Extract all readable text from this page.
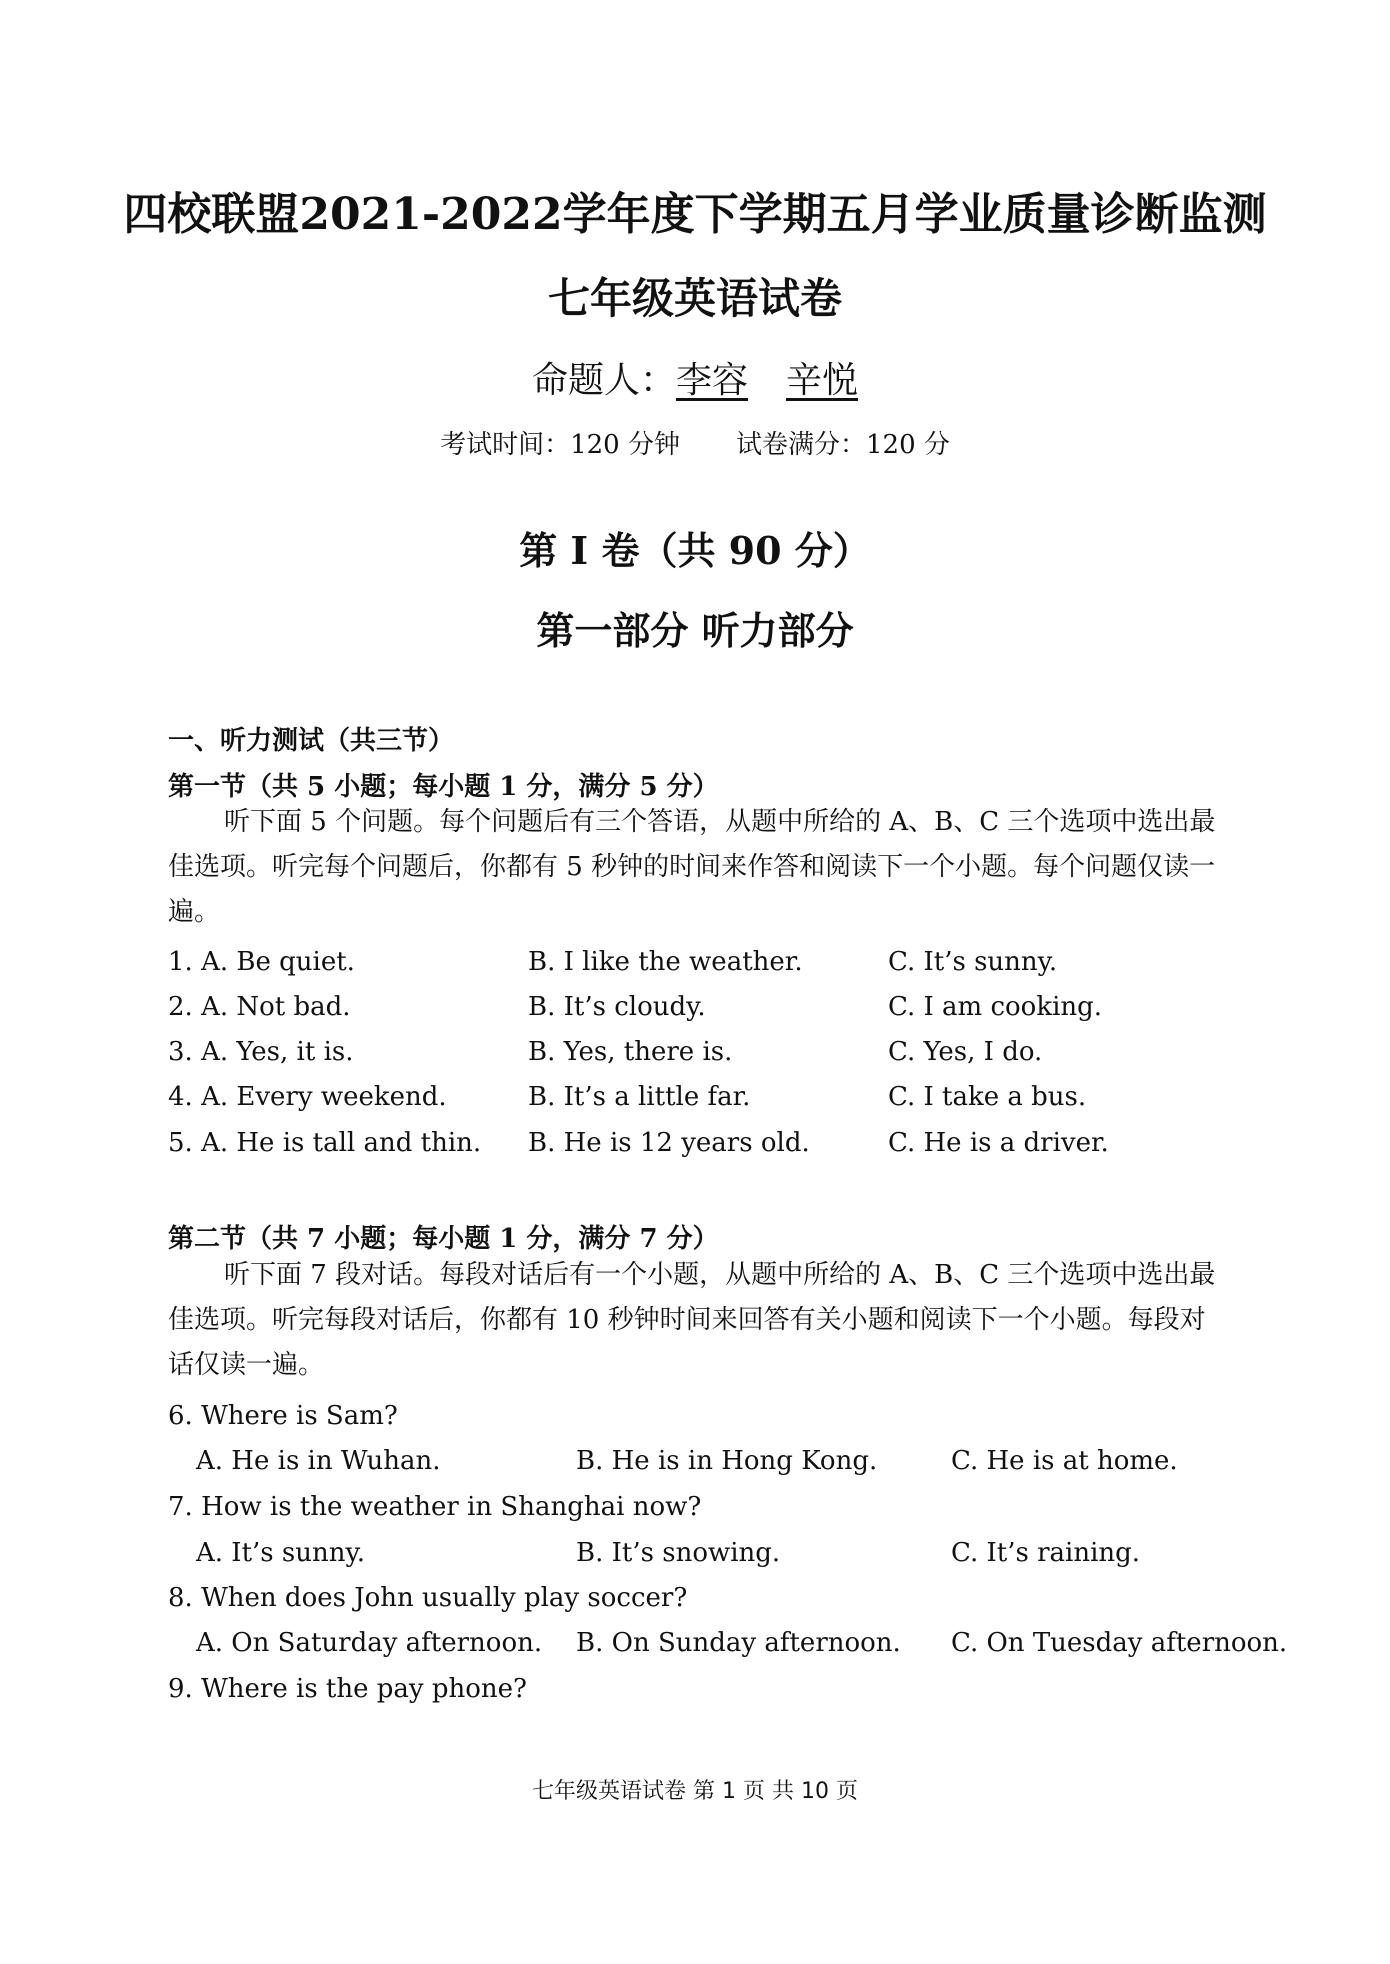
四校联盟2021-2022学年度下学期五月学业质量诊断监测
七年级英语试卷
命题人：李容 辛悦
考试时间：120 分钟 试卷满分：120 分
第 I 卷（共 90 分）
第一部分 听力部分
一、听力测试（共三节）
第一节（共 5 小题；每小题 1 分，满分 5 分）
听下面 5 个问题。每个问题后有三个答语，从题中所给的 A、B、C 三个选项中选出最佳选项。听完每个问题后，你都有 5 秒钟的时间来作答和阅读下一个小题。每个问题仅读一遍。
1. A. Be quiet.	B. I like the weather.	C. It’s sunny.
2. A. Not bad.	B. It’s cloudy.	C. I am cooking.
3. A. Yes, it is.	B. Yes, there is.	C. Yes, I do.
4. A. Every weekend.	B. It’s a little far.	C. I take a bus.
5. A. He is tall and thin. B. He is 12 years old.	C. He is a driver.
第二节（共 7 小题；每小题 1 分，满分 7 分）
听下面 7 段对话。每段对话后有一个小题，从题中所给的 A、B、C 三个选项中选出最佳选项。听完每段对话后，你都有 10 秒钟时间来回答有关小题和阅读下一个小题。每段对话仅读一遍。
6. Where is Sam?
A. He is in Wuhan.	B. He is in Hong Kong.	C. He is at home.
7. How is the weather in Shanghai now?
A. It’s sunny.	B. It’s snowing.	C. It’s raining.
8. When does John usually play soccer?
A. On Saturday afternoon. B. On Sunday afternoon. C. On Tuesday afternoon.
9. Where is the pay phone?
七年级英语试卷 第 1 页 共 10 页
